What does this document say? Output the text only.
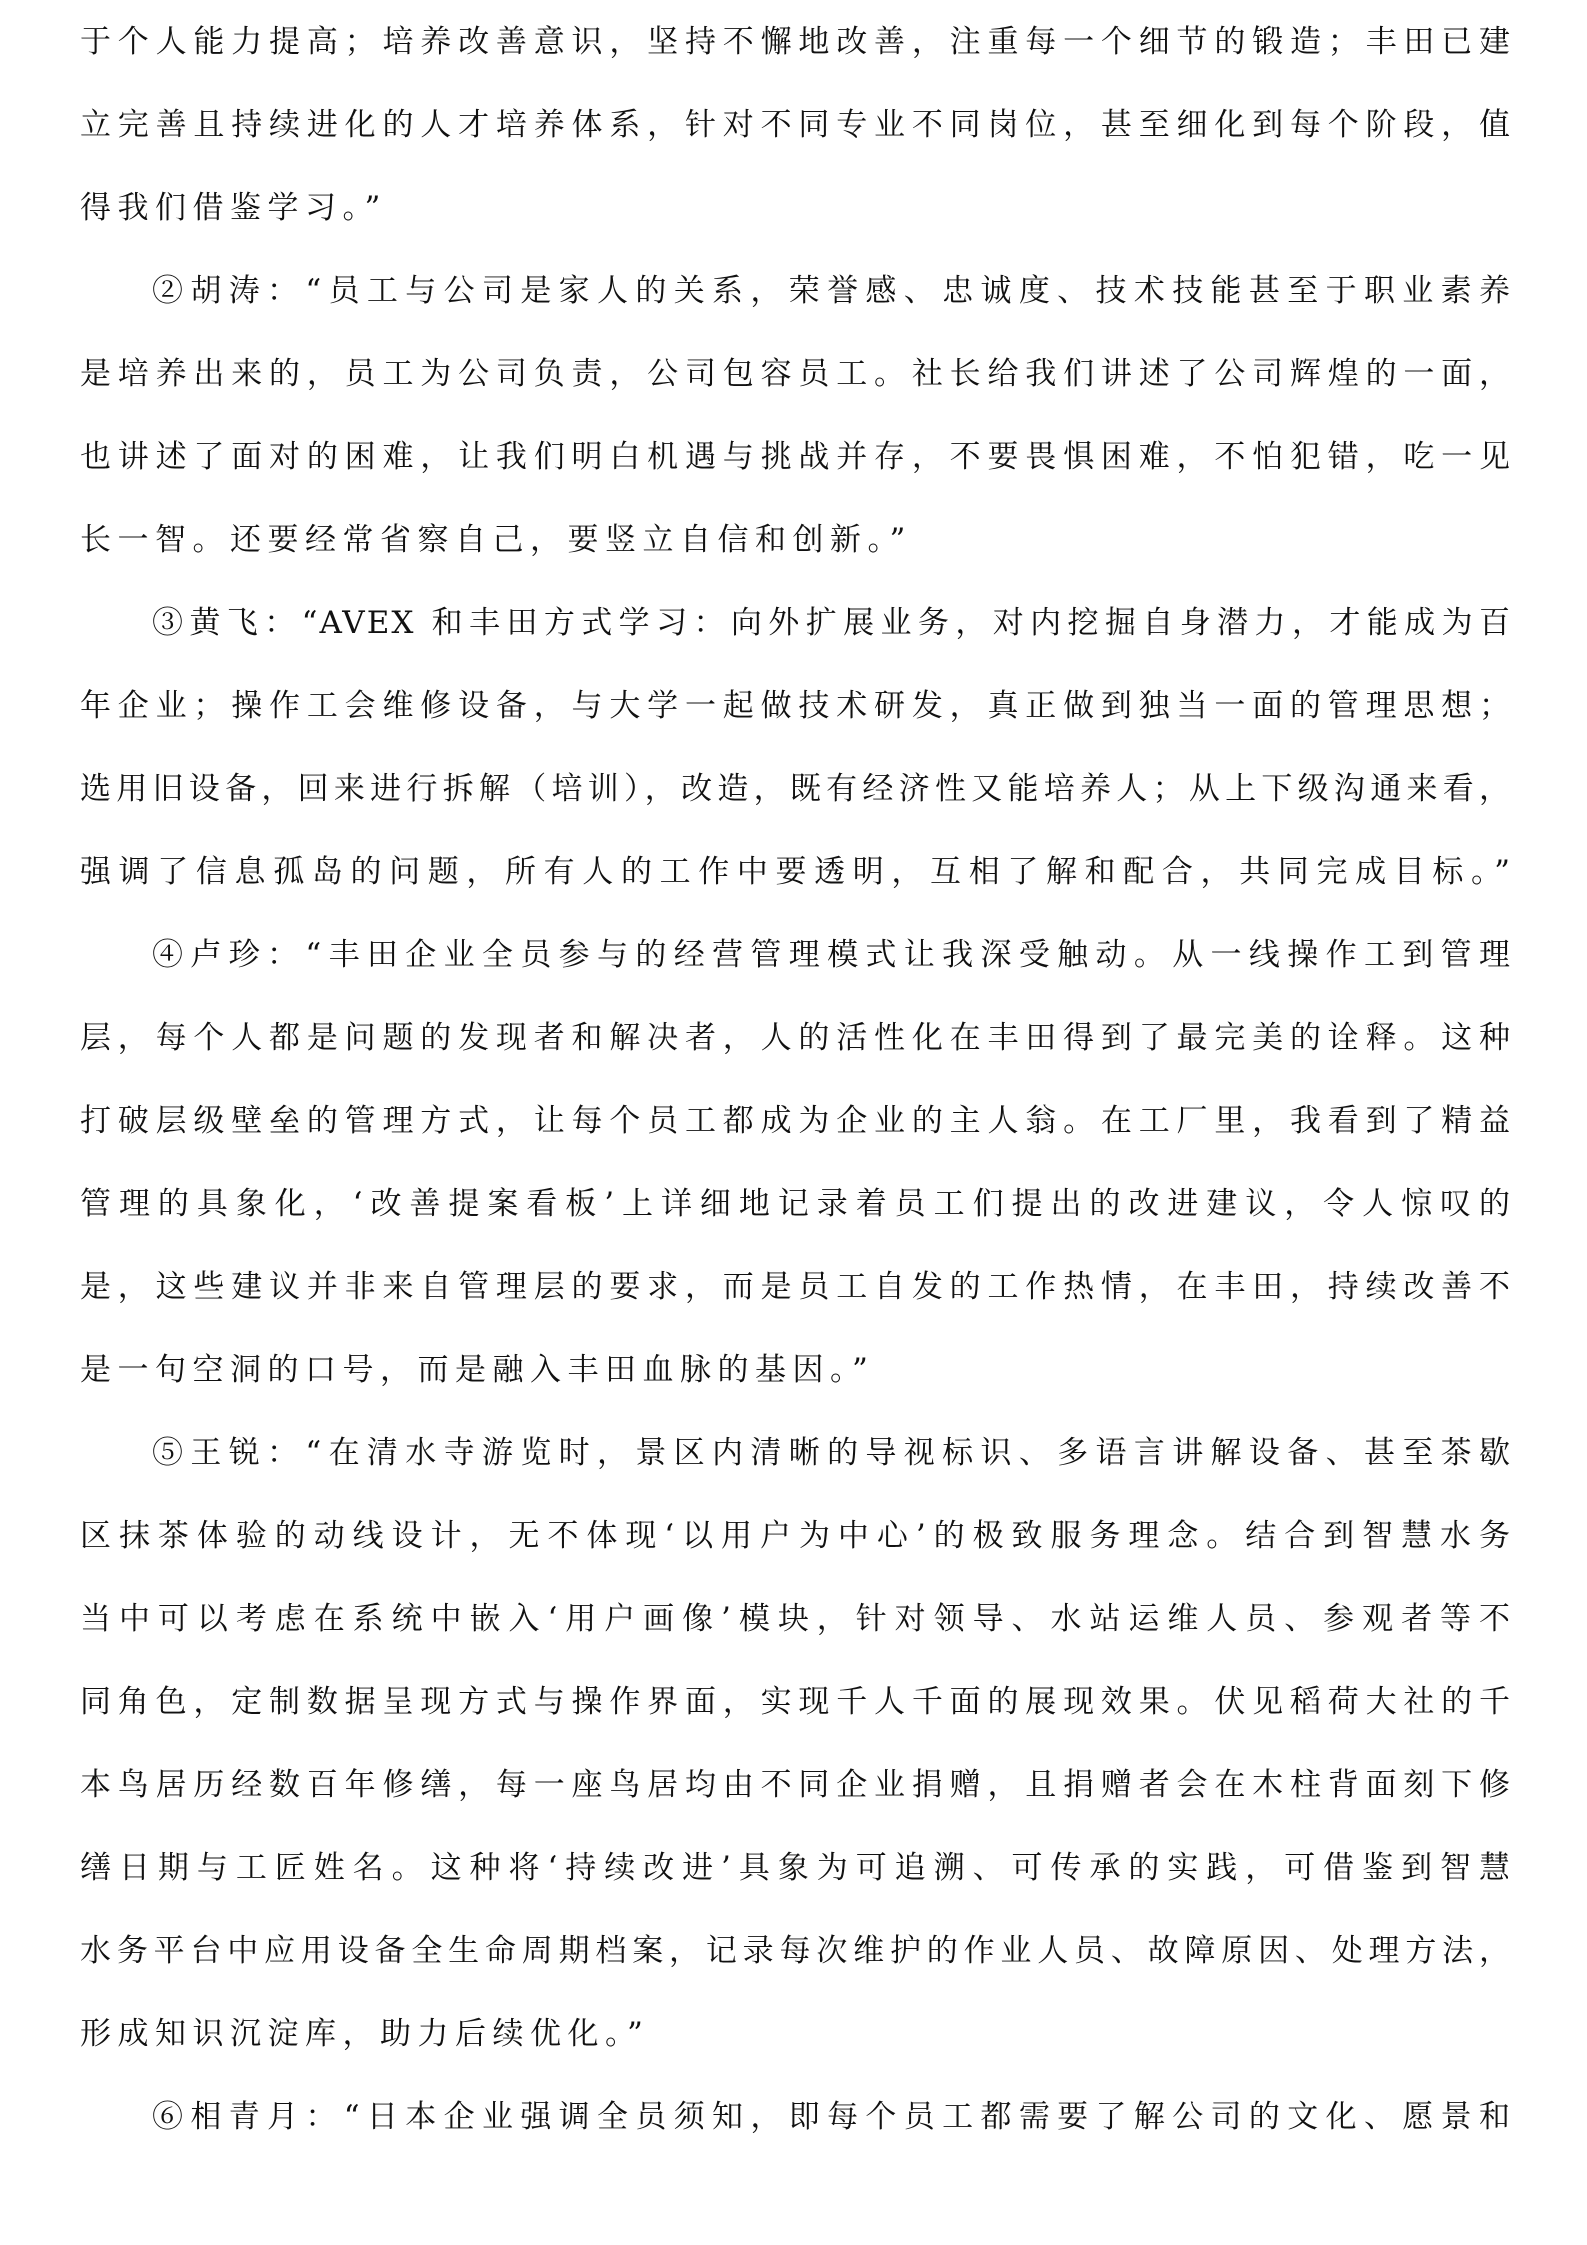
于个人能力提高；培养改善意识，坚持不懈地改善，注重每一个细节的锻造；丰田已建
立完善且持续进化的人才培养体系，针对不同专业不同岗位，甚至细化到每个阶段，值
得我们借鉴学习。”
②胡涛：“员工与公司是家人的关系，荣誉感、忠诚度、技术技能甚至于职业素养
是培养出来的，员工为公司负责，公司包容员工。社长给我们讲述了公司辉煌的一面，
也讲述了面对的困难，让我们明白机遇与挑战并存，不要畏惧困难，不怕犯错，吃一见
长一智。还要经常省察自己，要竖立自信和创新。”
③黄飞：“AVEX 和丰田方式学习：向外扩展业务，对内挖掘自身潜力，才能成为百
年企业；操作工会维修设备，与大学一起做技术研发，真正做到独当一面的管理思想；
选用旧设备，回来进行拆解（培训），改造，既有经济性又能培养人；从上下级沟通来看，
强调了信息孤岛的问题，所有人的工作中要透明，互相了解和配合，共同完成目标。”
④卢珍：“丰田企业全员参与的经营管理模式让我深受触动。从一线操作工到管理
层，每个人都是问题的发现者和解决者，人的活性化在丰田得到了最完美的诠释。这种
打破层级壁垒的管理方式，让每个员工都成为企业的主人翁。在工厂里，我看到了精益
管理的具象化，‘改善提案看板’上详细地记录着员工们提出的改进建议，令人惊叹的
是，这些建议并非来自管理层的要求，而是员工自发的工作热情，在丰田，持续改善不
是一句空洞的口号，而是融入丰田血脉的基因。”
⑤王锐：“在清水寺游览时，景区内清晰的导视标识、多语言讲解设备、甚至茶歇
区抹茶体验的动线设计，无不体现‘以用户为中心’的极致服务理念。结合到智慧水务
当中可以考虑在系统中嵌入‘用户画像’模块，针对领导、水站运维人员、参观者等不
同角色，定制数据呈现方式与操作界面，实现千人千面的展现效果。伏见稻荷大社的千
本鸟居历经数百年修缮，每一座鸟居均由不同企业捐赠，且捐赠者会在木柱背面刻下修
缮日期与工匠姓名。这种将‘持续改进’具象为可追溯、可传承的实践，可借鉴到智慧
水务平台中应用设备全生命周期档案，记录每次维护的作业人员、故障原因、处理方法，
形成知识沉淀库，助力后续优化。”
⑥相青月：“日本企业强调全员须知，即每个员工都需要了解公司的文化、愿景和
